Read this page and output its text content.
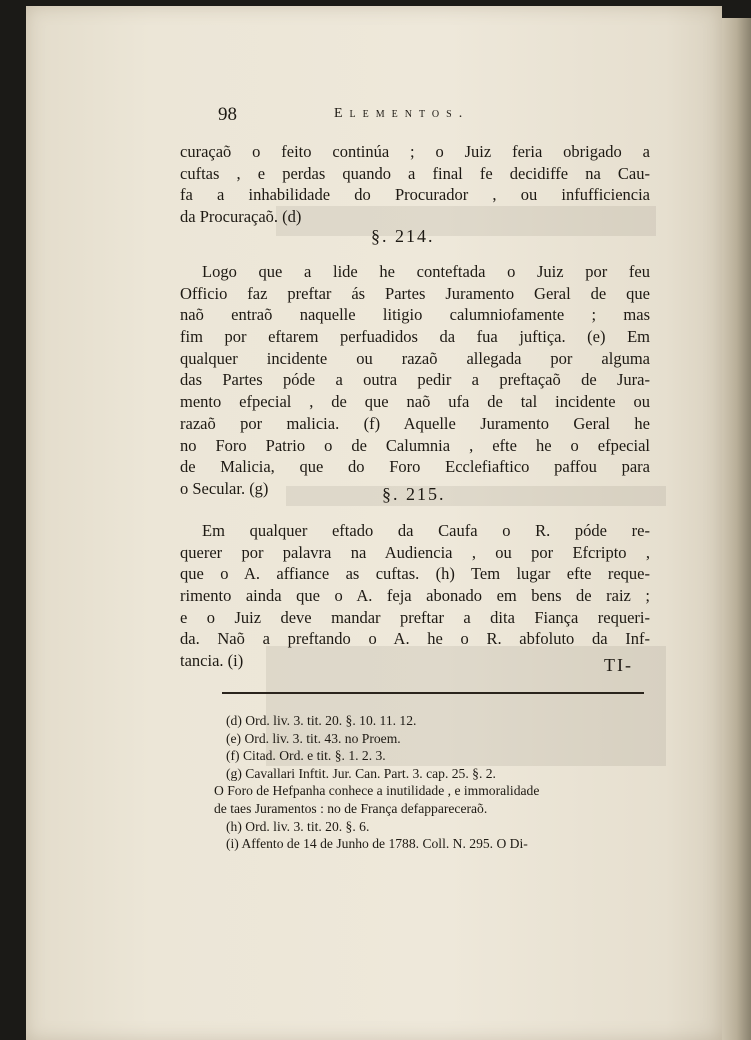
98	Elementos.
curaçaõ o feito continúa ; o Juiz feria obrigado a
cuftas , e perdas quando a final fe decidiffe na Cau-
fa a inhabilidade do Procurador , ou infufficiencia
da Procuraçaõ. (d)
§. 214.
Logo que a lide he conteftada o Juiz por feu
Officio faz preftar ás Partes Juramento Geral de que
naõ entraõ naquelle litigio calumniofamente ; mas
fim por eftarem perfuadidos da fua juftiça. (e) Em
qualquer incidente ou razaõ allegada por alguma
das Partes póde a outra pedir a preftaçaõ de Jura-
mento efpecial , de que naõ ufa de tal incidente ou
razaõ por malicia. (f) Aquelle Juramento Geral he
no Foro Patrio o de Calumnia , efte he o efpecial
de Malicia, que do Foro Ecclefiaftico paffou para
o Secular. (g)	§. 215.
Em qualquer eftado da Caufa o R. póde re-
querer por palavra na Audiencia , ou por Efcripto ,
que o A. affiance as cuftas. (h) Tem lugar efte reque-
rimento ainda que o A. feja abonado em bens de raiz ;
e o Juiz deve mandar preftar a dita Fiança requeri-
da. Naõ a preftando o A. he o R. abfoluto da Inf-
tancia. (i)	TI-
(d) Ord. liv. 3. tit. 20. §. 10. 11. 12.
(e) Ord. liv. 3. tit. 43. no Proem.
(f) Citad. Ord. e tit. §. 1. 2. 3.
(g) Cavallari Inftit. Jur. Can. Part. 3. cap. 25. §. 2.
O Foro de Hefpanha conhece a inutilidade , e immoralidade
de taes Juramentos : no de França defappareceraõ.
(h) Ord. liv. 3. tit. 20. §. 6.
(i) Affento de 14 de Junho de 1788. Coll. N. 295. O Di-
